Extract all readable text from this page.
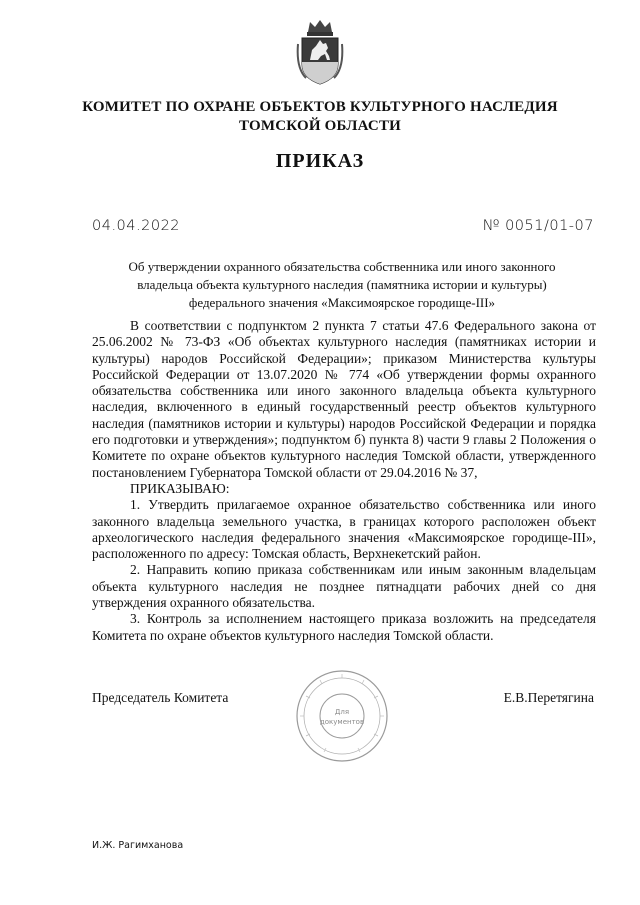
КОМИТЕТ ПО ОХРАНЕ ОБЪЕКТОВ КУЛЬТУРНОГО НАСЛЕДИЯ
ТОМСКОЙ ОБЛАСТИ
ПРИКАЗ
04.04.2022	№ 0051/01-07
Об утверждении охранного обязательства собственника или иного законного
владельца объекта культурного наследия (памятника истории и культуры)
федерального значения «Максимоярское городище-III»

В соответствии с подпунктом 2 пункта 7 статьи 47.6 Федерального закона от 25.06.2002 № 73-ФЗ «Об объектах культурного наследия (памятниках истории и культуры) народов Российской Федерации»; приказом Министерства культуры Российской Федерации от 13.07.2020 № 774 «Об утверждении формы охранного обязательства собственника или иного законного владельца объекта культурного наследия, включенного в единый государственный реестр объектов культурного наследия (памятников истории и культуры) народов Российской Федерации и порядка его подготовки и утверждения»; подпунктом б) пункта 8) части 9 главы 2 Положения о Комитете по охране объектов культурного наследия Томской области, утвержденного постановлением Губернатора Томской области от 29.04.2016 № 37,

ПРИКАЗЫВАЮ:

1. Утвердить прилагаемое охранное обязательство собственника или иного законного владельца земельного участка, в границах которого расположен объект археологического наследия федерального значения «Максимоярское городище-III», расположенного по адресу: Томская область, Верхнекетский район.

2. Направить копию приказа собственникам или иным законным владельцам объекта культурного наследия не позднее пятнадцати рабочих дней со дня утверждения охранного обязательства.

3. Контроль за исполнением настоящего приказа возложить на председателя Комитета по охране объектов культурного наследия Томской области.

Председатель Комитета
Для
документов
Е.В.Перетягина
И.Ж. Рагимханова
